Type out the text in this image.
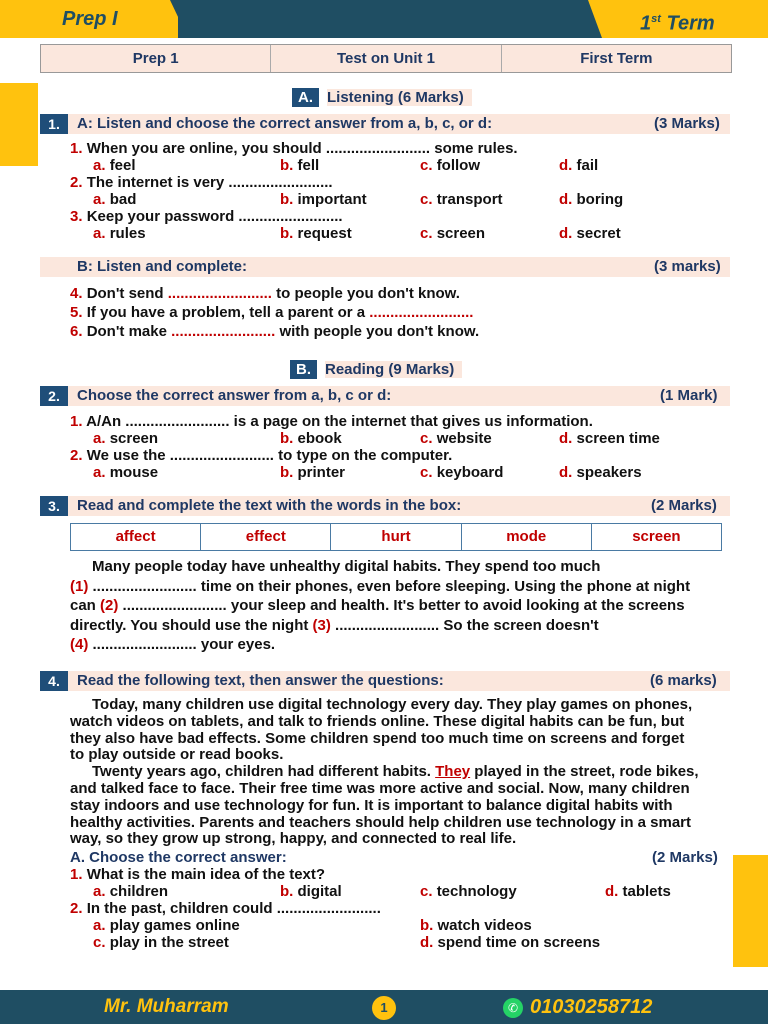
Prep I	1st Term
Prep 1	Test on Unit 1	First Term
A. Listening (6 Marks)
1.	A: Listen and choose the correct answer from a, b, c, or d:	(3 Marks)
1. When you are online, you should ......................... some rules.
a. feel	b. fell	c. follow	d. fail
2. The internet is very .........................
a. bad	b. important	c. transport	d. boring
3. Keep your password .........................
a. rules	b. request	c. screen	d. secret
B: Listen and complete:	(3 marks)
4. Don't send ......................... to people you don't know.
5. If you have a problem, tell a parent or a .........................
6. Don't make ......................... with people you don't know.
B. Reading (9 Marks)
2.	Choose the correct answer from a, b, c or d:	(1 Mark)
1. A/An ......................... is a page on the internet that gives us information.
a. screen	b. ebook	c. website	d. screen time
2. We use the ......................... to type on the computer.
a. mouse	b. printer	c. keyboard	d. speakers
3.	Read and complete the text with the words in the box:	(2 Marks)
affect	effect	hurt	mode	screen
Many people today have unhealthy digital habits. They spend too much
(1) ......................... time on their phones, even before sleeping. Using the phone at night
can (2) ......................... your sleep and health. It's better to avoid looking at the screens
directly. You should use the night (3) ......................... So the screen doesn't
(4) ......................... your eyes.
4.	Read the following text, then answer the questions:	(6 marks)
Today, many children use digital technology every day. They play games on phones,
watch videos on tablets, and talk to friends online. These digital habits can be fun, but
they also have bad effects. Some children spend too much time on screens and forget
to play outside or read books.
Twenty years ago, children had different habits. They played in the street, rode bikes,
and talked face to face. Their free time was more active and social. Now, many children
stay indoors and use technology for fun. It is important to balance digital habits with
healthy activities. Parents and teachers should help children use technology in a smart
way, so they grow up strong, happy, and connected to real life.
A. Choose the correct answer:	(2 Marks)
1. What is the main idea of the text?
a. children	b. digital	c. technology	d. tablets
2. In the past, children could .........................
a. play games online	b. watch videos
c. play in the street	d. spend time on screens
Mr. Muharram	1	✆ 01030258712
